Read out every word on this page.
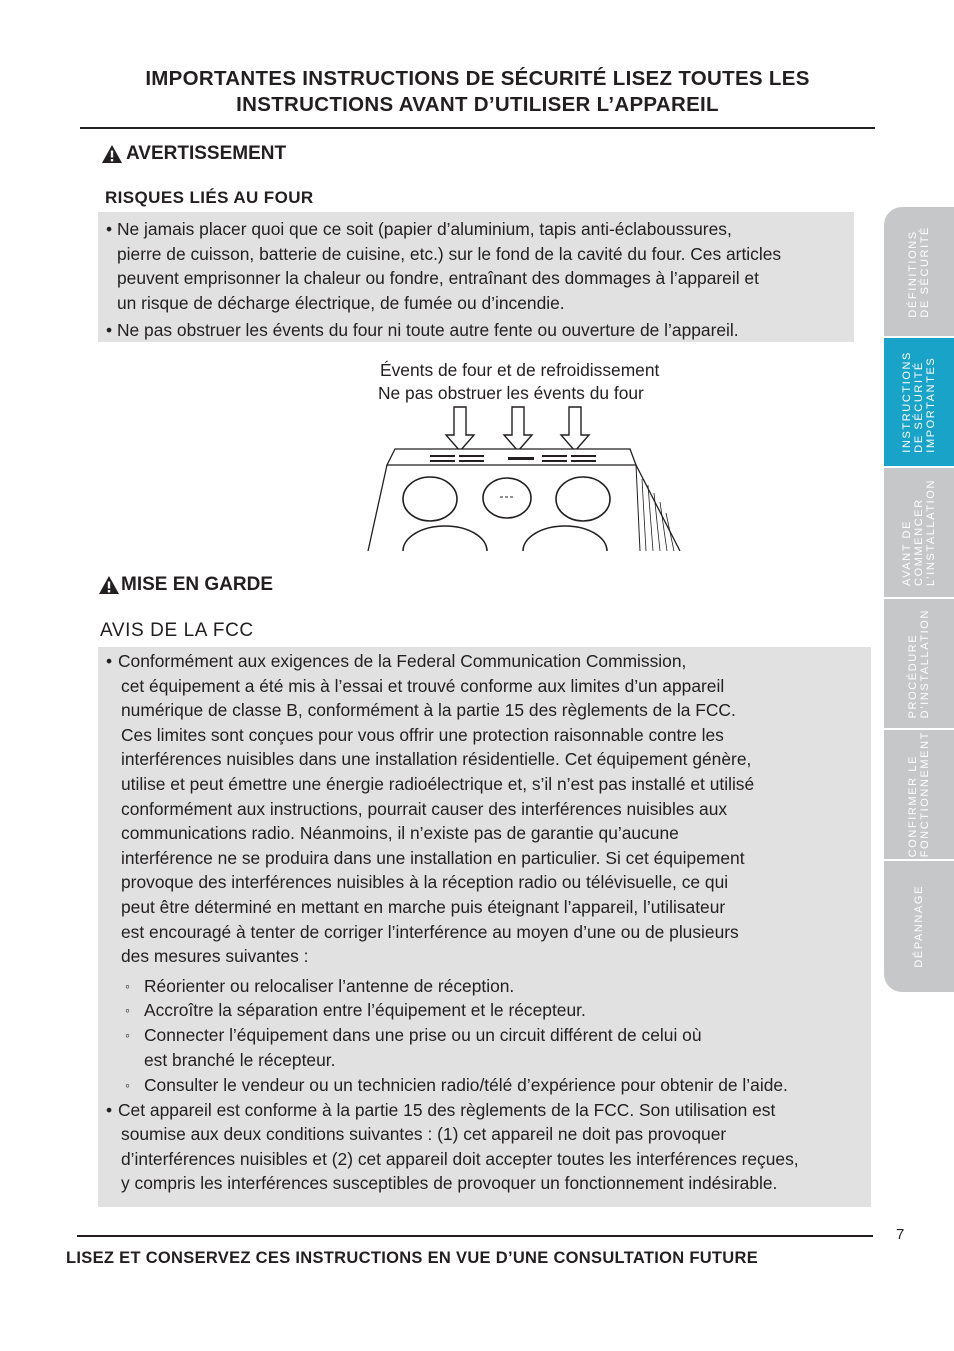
IMPORTANTES INSTRUCTIONS DE SÉCURITÉ LISEZ TOUTES LES
INSTRUCTIONS AVANT D’UTILISER L’APPAREIL
AVERTISSEMENT
RISQUES LIÉS AU FOUR
• Ne jamais placer quoi que ce soit (papier d’aluminium, tapis anti-éclaboussures,
pierre de cuisson, batterie de cuisine, etc.) sur le fond de la cavité du four. Ces articles
peuvent emprisonner la chaleur ou fondre, entraînant des dommages à l’appareil et
un risque de décharge électrique, de fumée ou d’incendie.
• Ne pas obstruer les évents du four ni toute autre fente ou ouverture de l’appareil.
Évents de four et de refroidissement
Ne pas obstruer les évents du four
MISE EN GARDE
AVIS DE LA FCC
• Conformément aux exigences de la Federal Communication Commission,
cet équipement a été mis à l’essai et trouvé conforme aux limites d’un appareil
numérique de classe B, conformément à la partie 15 des règlements de la FCC.
Ces limites sont conçues pour vous offrir une protection raisonnable contre les
interférences nuisibles dans une installation résidentielle. Cet équipement génère,
utilise et peut émettre une énergie radioélectrique et, s’il n’est pas installé et utilisé
conformément aux instructions, pourrait causer des interférences nuisibles aux
communications radio. Néanmoins, il n’existe pas de garantie qu’aucune
interférence ne se produira dans une installation en particulier. Si cet équipement
provoque des interférences nuisibles à la réception radio ou télévisuelle, ce qui
peut être déterminé en mettant en marche puis éteignant l’appareil, l’utilisateur
est encouragé à tenter de corriger l’interférence au moyen d’une ou de plusieurs
des mesures suivantes :
◦ Réorienter ou relocaliser l’antenne de réception.
◦ Accroître la séparation entre l’équipement et le récepteur.
◦ Connecter l’équipement dans une prise ou un circuit différent de celui où
est branché le récepteur.
◦ Consulter le vendeur ou un technicien radio/télé d’expérience pour obtenir de l’aide.
• Cet appareil est conforme à la partie 15 des règlements de la FCC. Son utilisation est
soumise aux deux conditions suivantes : (1) cet appareil ne doit pas provoquer
d’interférences nuisibles et (2) cet appareil doit accepter toutes les interférences reçues,
y compris les interférences susceptibles de provoquer un fonctionnement indésirable.
DÉFINITIONS DE SÉCURITÉ
INSTRUCTIONS DE SÉCURITÉ IMPORTANTES
AVANT DE COMMENCER L’INSTALLATION
PROCÉDURE D’INSTALLATION
CONFIRMER LE FONCTIONNEMENT
DÉPANNAGE
7
LISEZ ET CONSERVEZ CES INSTRUCTIONS EN VUE D’UNE CONSULTATION FUTURE
